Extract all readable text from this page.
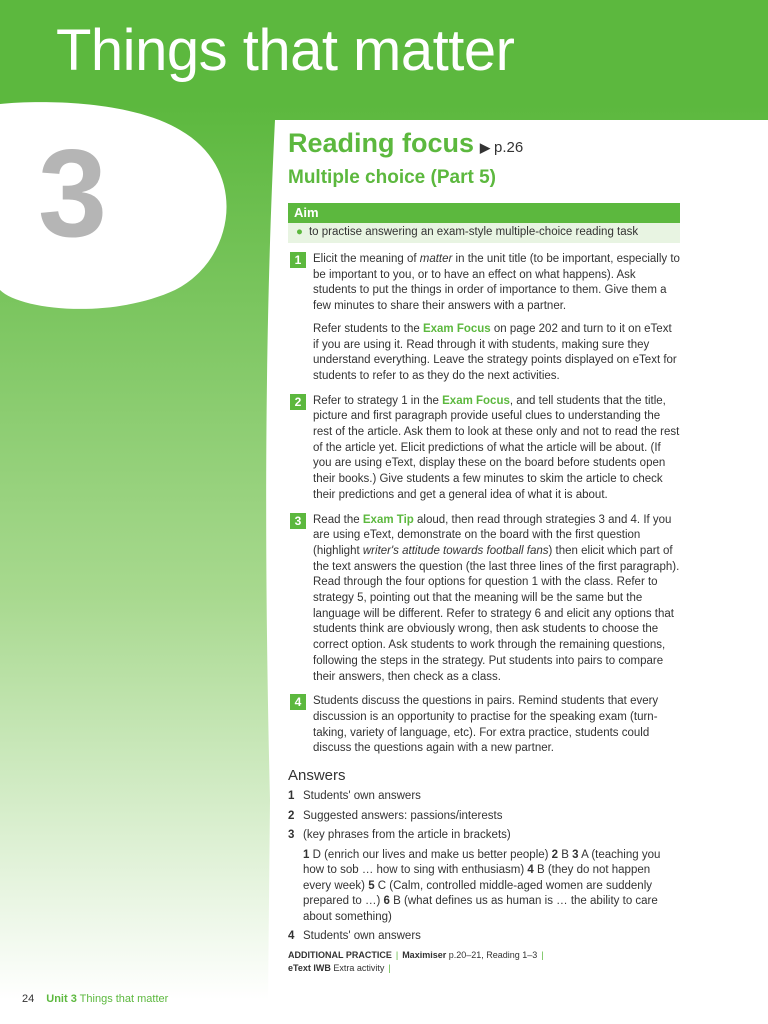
Things that matter
3	Reading focus ▶ p.26
Multiple choice (Part 5)
Aim
● to practise answering an exam-style multiple-choice reading task
1	Elicit the meaning of matter in the unit title (to be important, especially to be important to you, or to have an effect on what happens). Ask students to put the things in order of importance to them. Give them a few minutes to share their answers with a partner.

Refer students to the Exam Focus on page 202 and turn to it on eText if you are using it. Read through it with students, making sure they understand everything. Leave the strategy points displayed on eText for students to refer to as they do the next activities.

2	Refer to strategy 1 in the Exam Focus, and tell students that the title, picture and first paragraph provide useful clues to understanding the rest of the article. Ask them to look at these only and not to read the rest of the article yet. Elicit predictions of what the article will be about. (If you are using eText, display these on the board before students open their books.) Give students a few minutes to skim the article to check their predictions and get a general idea of what it is about.

3	Read the Exam Tip aloud, then read through strategies 3 and 4. If you are using eText, demonstrate on the board with the first question (highlight writer's attitude towards football fans) then elicit which part of the text answers the question (the last three lines of the first paragraph). Read through the four options for question 1 with the class. Refer to strategy 5, pointing out that the meaning will be the same but the language will be different. Refer to strategy 6 and elicit any options that students think are obviously wrong, then ask students to choose the correct option. Ask students to work through the remaining questions, following the steps in the strategy. Put students into pairs to compare their answers, then check as a class.

4	Students discuss the questions in pairs. Remind students that every discussion is an opportunity to practise for the speaking exam (turn-taking, variety of language, etc). For extra practice, students could discuss the questions again with a new partner.

Answers
1 Students' own answers
2 Suggested answers: passions/interests
3 (key phrases from the article in brackets)
1 D (enrich our lives and make us better people) 2 B 3 A (teaching you how to sob … how to sing with enthusiasm) 4 B (they do not happen every week) 5 C (Calm, controlled middle-aged women are suddenly prepared to …) 6 B (what defines us as human is … the ability to care about something)
4 Students' own answers
ADDITIONAL PRACTICE | Maximiser p.20–21, Reading 1–3 |
eText IWB Extra activity |
24 Unit 3 Things that matter
